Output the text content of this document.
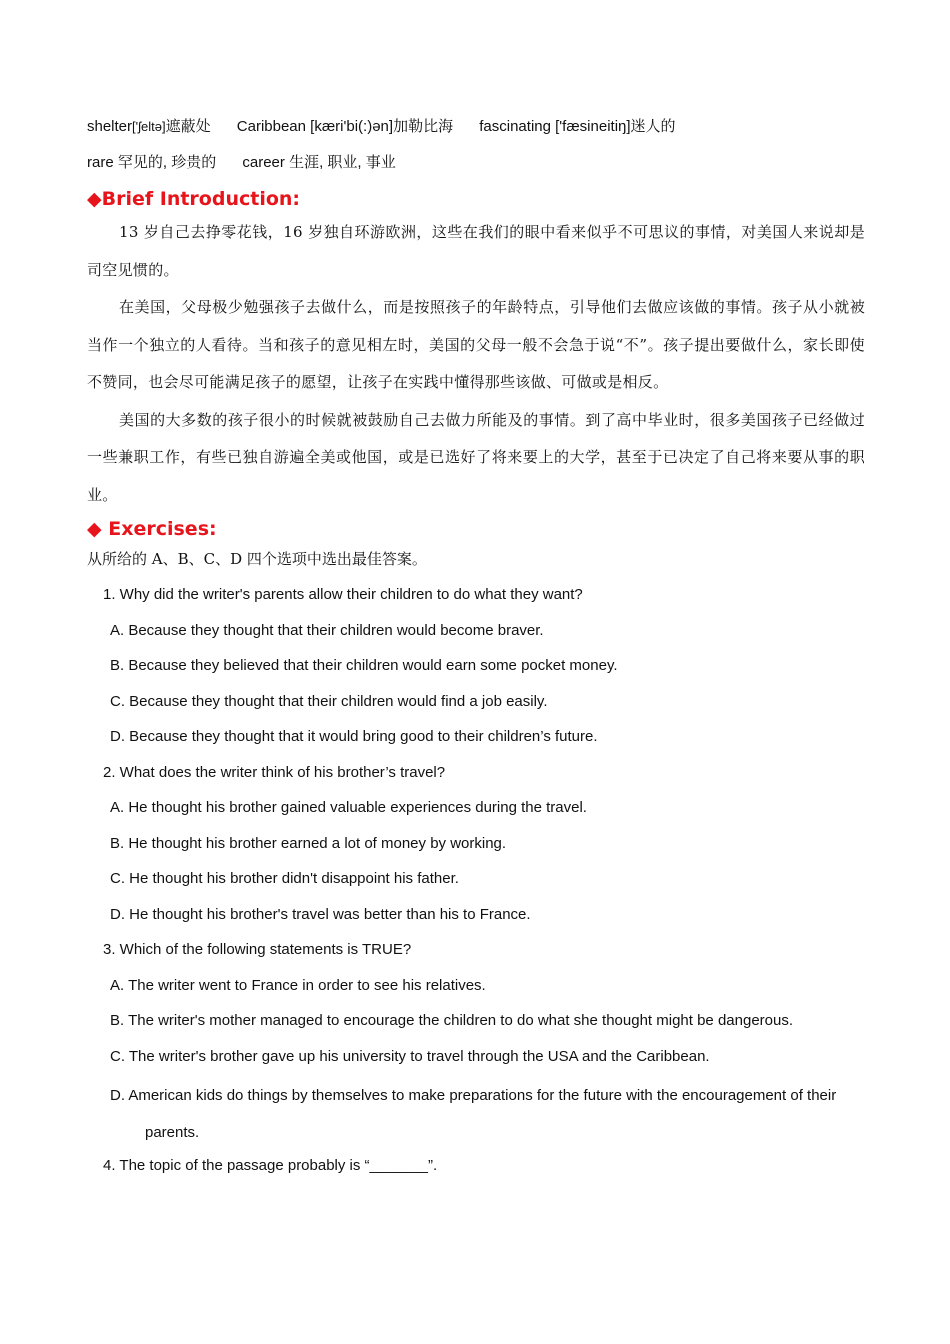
shelter['ʃeltə]遮蔽处 Caribbean [kæri'bi(:)ən]加勒比海 fascinating ['fæsineitiŋ]迷人的
rare 罕见的, 珍贵的 career 生涯, 职业, 事业
◆Brief Introduction:
13 岁自己去挣零花钱，16 岁独自环游欧洲，这些在我们的眼中看来似乎不可思议的事情，对美国人来说却是司空见惯的。
在美国，父母极少勉强孩子去做什么，而是按照孩子的年龄特点，引导他们去做应该做的事情。孩子从小就被当作一个独立的人看待。当和孩子的意见相左时，美国的父母一般不会急于说“不”。孩子提出要做什么，家长即使不赞同，也会尽可能满足孩子的愿望，让孩子在实践中懂得那些该做、可做或是相反。
美国的大多数的孩子很小的时候就被鼓励自己去做力所能及的事情。到了高中毕业时，很多美国孩子已经做过一些兼职工作，有些已独自游遍全美或他国，或是已选好了将来要上的大学，甚至于已决定了自己将来要从事的职业。
◆ Exercises:
从所给的 A、B、C、D 四个选项中选出最佳答案。
1. Why did the writer's parents allow their children to do what they want?
A. Because they thought that their children would become braver.
B. Because they believed that their children would earn some pocket money.
C. Because they thought that their children would find a job easily.
D. Because they thought that it would bring good to their children’s future.
2. What does the writer think of his brother’s travel?
A. He thought his brother gained valuable experiences during the travel.
B. He thought his brother earned a lot of money by working.
C. He thought his brother didn't disappoint his father.
D. He thought his brother's travel was better than his to France.
3. Which of the following statements is TRUE?
A. The writer went to France in order to see his relatives.
B. The writer's mother managed to encourage the children to do what she thought might be dangerous.
C. The writer's brother gave up his university to travel through the USA and the Caribbean.
D. American kids do things by themselves to make preparations for the future with the encouragement of their
parents.
4. The topic of the passage probably is “_______”.
